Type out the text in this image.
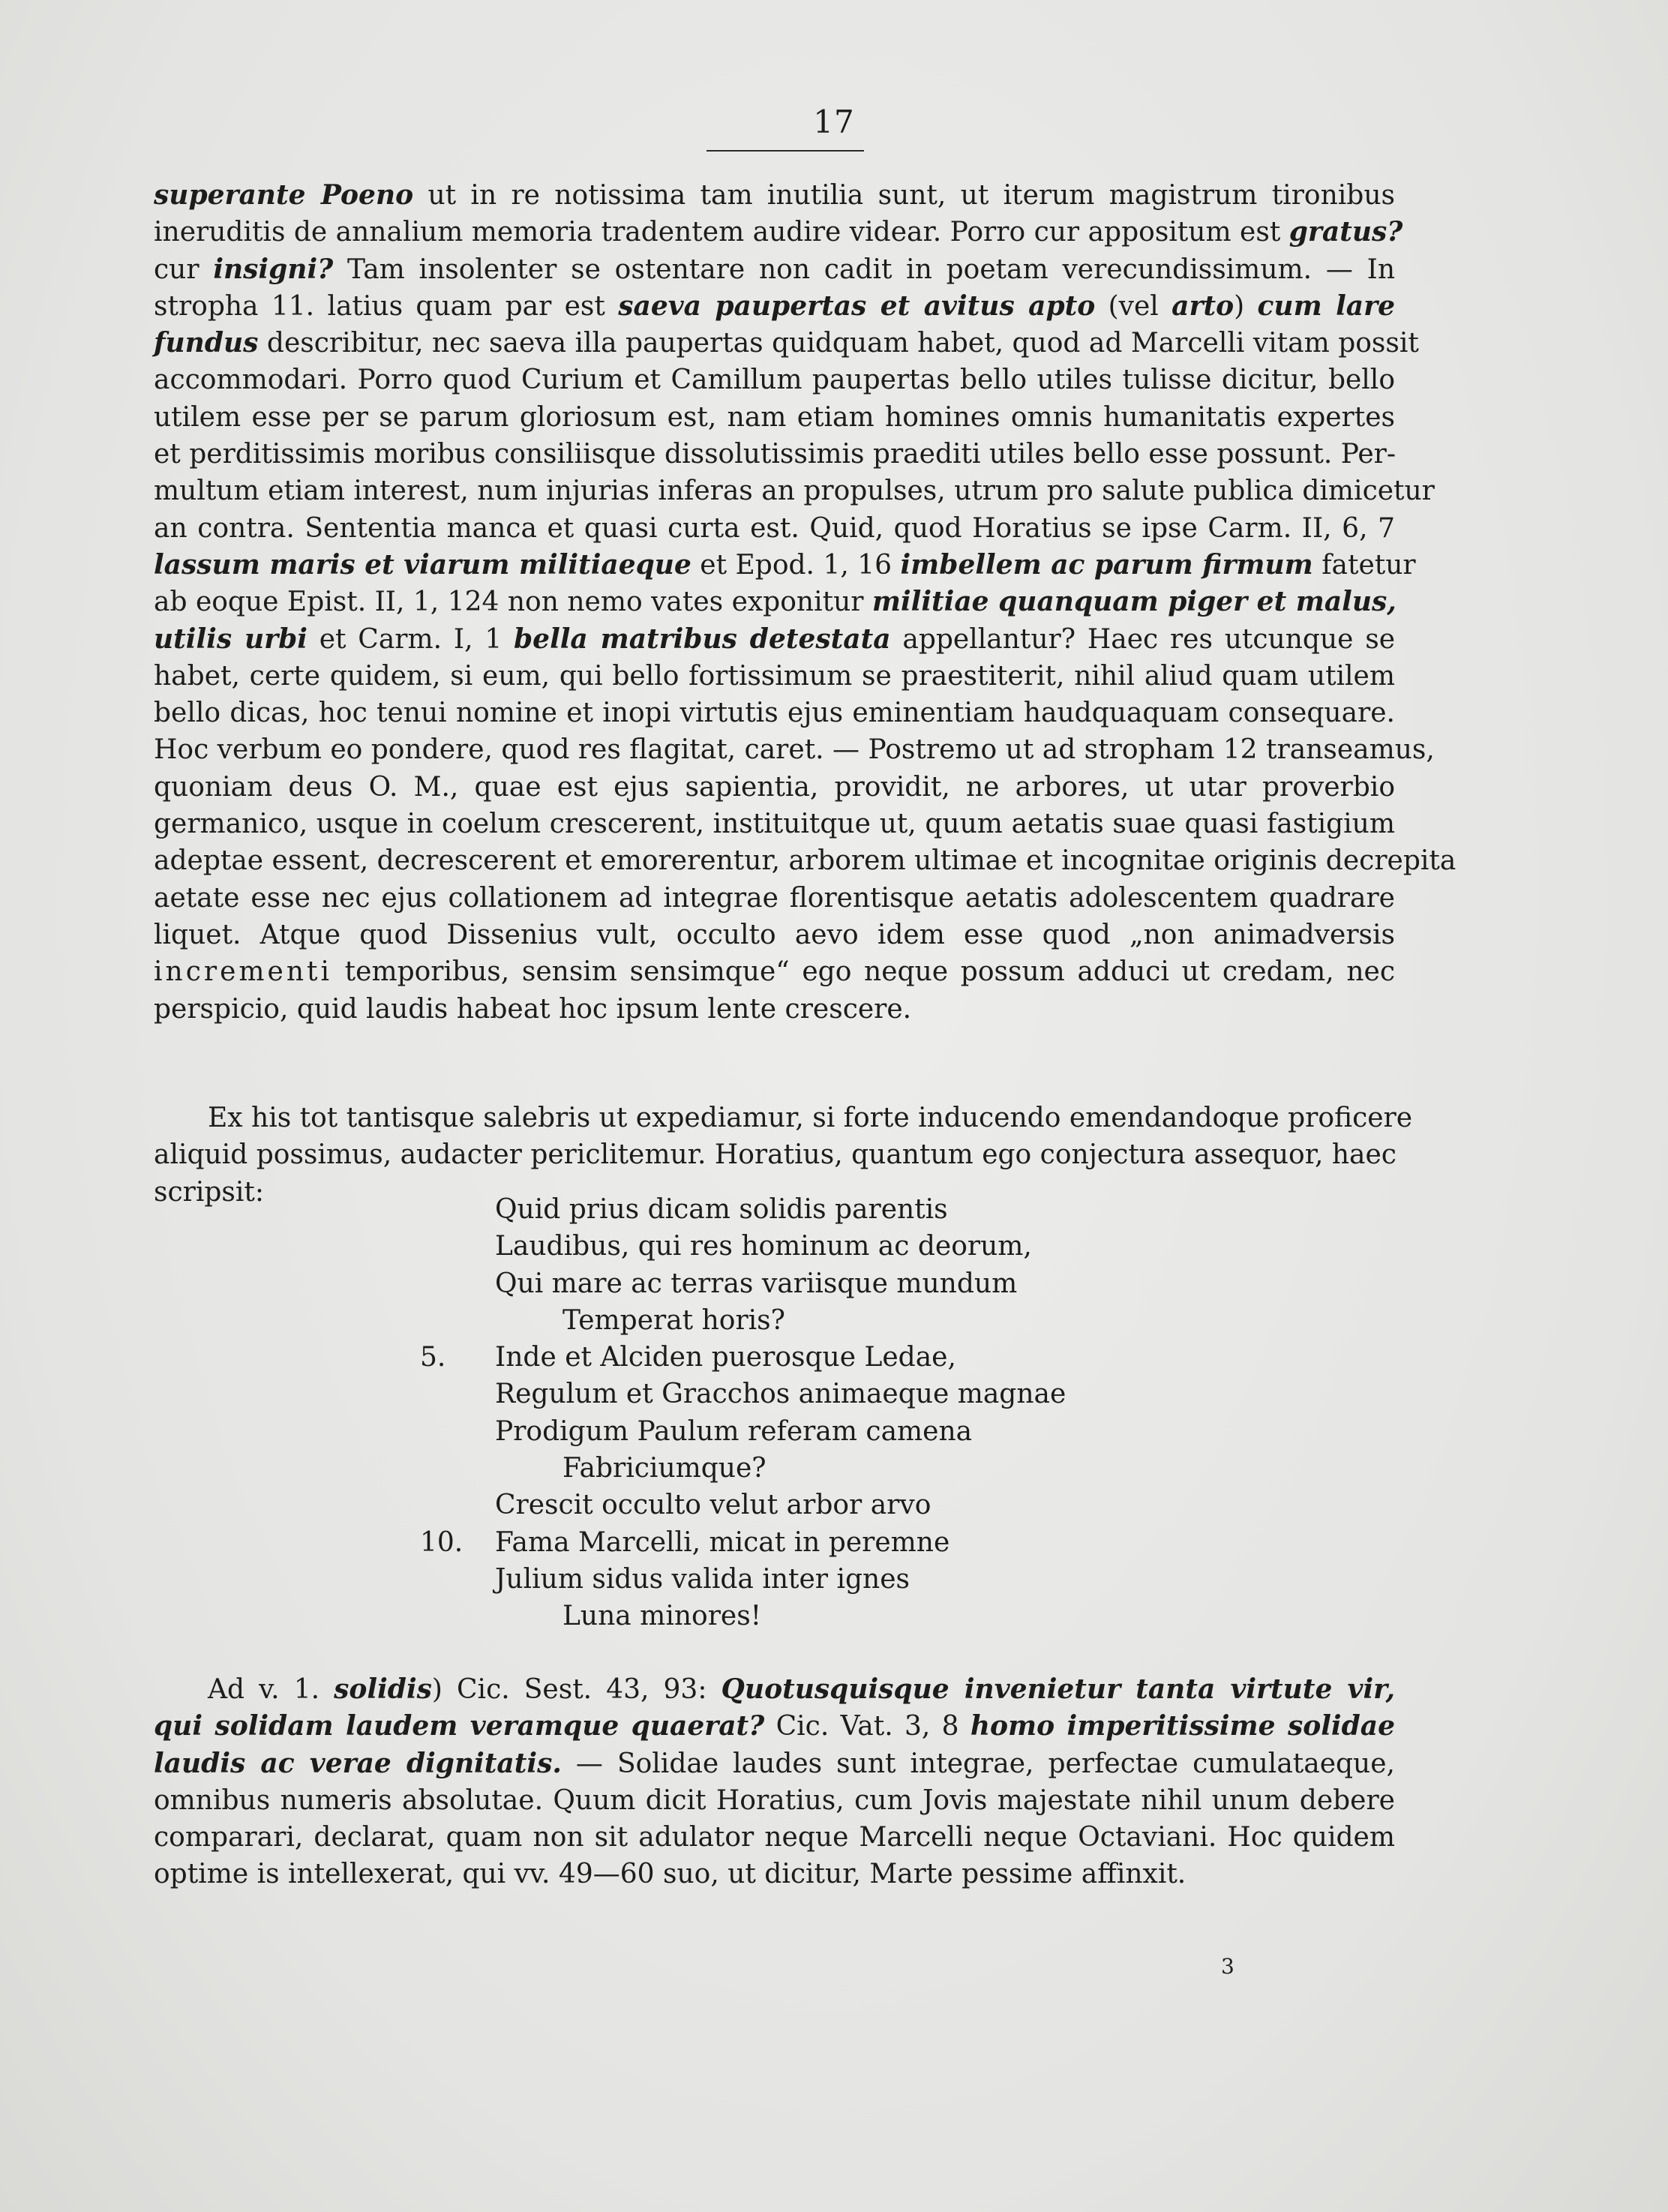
17
superante Poeno ut in re notissima tam inutilia sunt, ut iterum magistrum tironibus
ineruditis de annalium memoria tradentem audire videar. Porro cur appositum est gratus?
cur insigni? Tam insolenter se ostentare non cadit in poetam verecundissimum. — In
stropha 11. latius quam par est saeva paupertas et avitus apto (vel arto) cum lare
fundus describitur, nec saeva illa paupertas quidquam habet, quod ad Marcelli vitam possit
accommodari. Porro quod Curium et Camillum paupertas bello utiles tulisse dicitur, bello
utilem esse per se parum gloriosum est, nam etiam homines omnis humanitatis expertes
et perditissimis moribus consiliisque dissolutissimis praediti utiles bello esse possunt. Per-
multum etiam interest, num injurias inferas an propulses, utrum pro salute publica dimicetur
an contra. Sententia manca et quasi curta est. Quid, quod Horatius se ipse Carm. II, 6, 7
lassum maris et viarum militiaeque et Epod. 1, 16 imbellem ac parum firmum fatetur
ab eoque Epist. II, 1, 124 non nemo vates exponitur militiae quanquam piger et malus,
utilis urbi et Carm. I, 1 bella matribus detestata appellantur? Haec res utcunque se
habet, certe quidem, si eum, qui bello fortissimum se praestiterit, nihil aliud quam utilem
bello dicas, hoc tenui nomine et inopi virtutis ejus eminentiam haudquaquam consequare.
Hoc verbum eo pondere, quod res flagitat, caret. — Postremo ut ad stropham 12 transeamus,
quoniam deus O. M., quae est ejus sapientia, providit, ne arbores, ut utar proverbio
germanico, usque in coelum crescerent, instituitque ut, quum aetatis suae quasi fastigium
adeptae essent, decrescerent et emorerentur, arborem ultimae et incognitae originis decrepita
aetate esse nec ejus collationem ad integrae florentisque aetatis adolescentem quadrare
liquet. Atque quod Dissenius vult, occulto aevo idem esse quod „non animadversis
incrementi temporibus, sensim sensimque“ ego neque possum adduci ut credam, nec
perspicio, quid laudis habeat hoc ipsum lente crescere.
Ex his tot tantisque salebris ut expediamur, si forte inducendo emendandoque proficere
aliquid possimus, audacter periclitemur. Horatius, quantum ego conjectura assequor, haec
scripsit:
Quid prius dicam solidis parentis
Laudibus, qui res hominum ac deorum,
Qui mare ac terras variisque mundum
Temperat horis?
5. Inde et Alciden puerosque Ledae,
Regulum et Gracchos animaeque magnae
Prodigum Paulum referam camena
Fabriciumque?
Crescit occulto velut arbor arvo
10. Fama Marcelli, micat in peremne
Julium sidus valida inter ignes
Luna minores!
Ad v. 1. solidis) Cic. Sest. 43, 93: Quotusquisque invenietur tanta virtute vir,
qui solidam laudem veramque quaerat? Cic. Vat. 3, 8 homo imperitissime solidae
laudis ac verae dignitatis. — Solidae laudes sunt integrae, perfectae cumulataeque,
omnibus numeris absolutae. Quum dicit Horatius, cum Jovis majestate nihil unum debere
comparari, declarat, quam non sit adulator neque Marcelli neque Octaviani. Hoc quidem
optime is intellexerat, qui vv. 49—60 suo, ut dicitur, Marte pessime affinxit.
3
